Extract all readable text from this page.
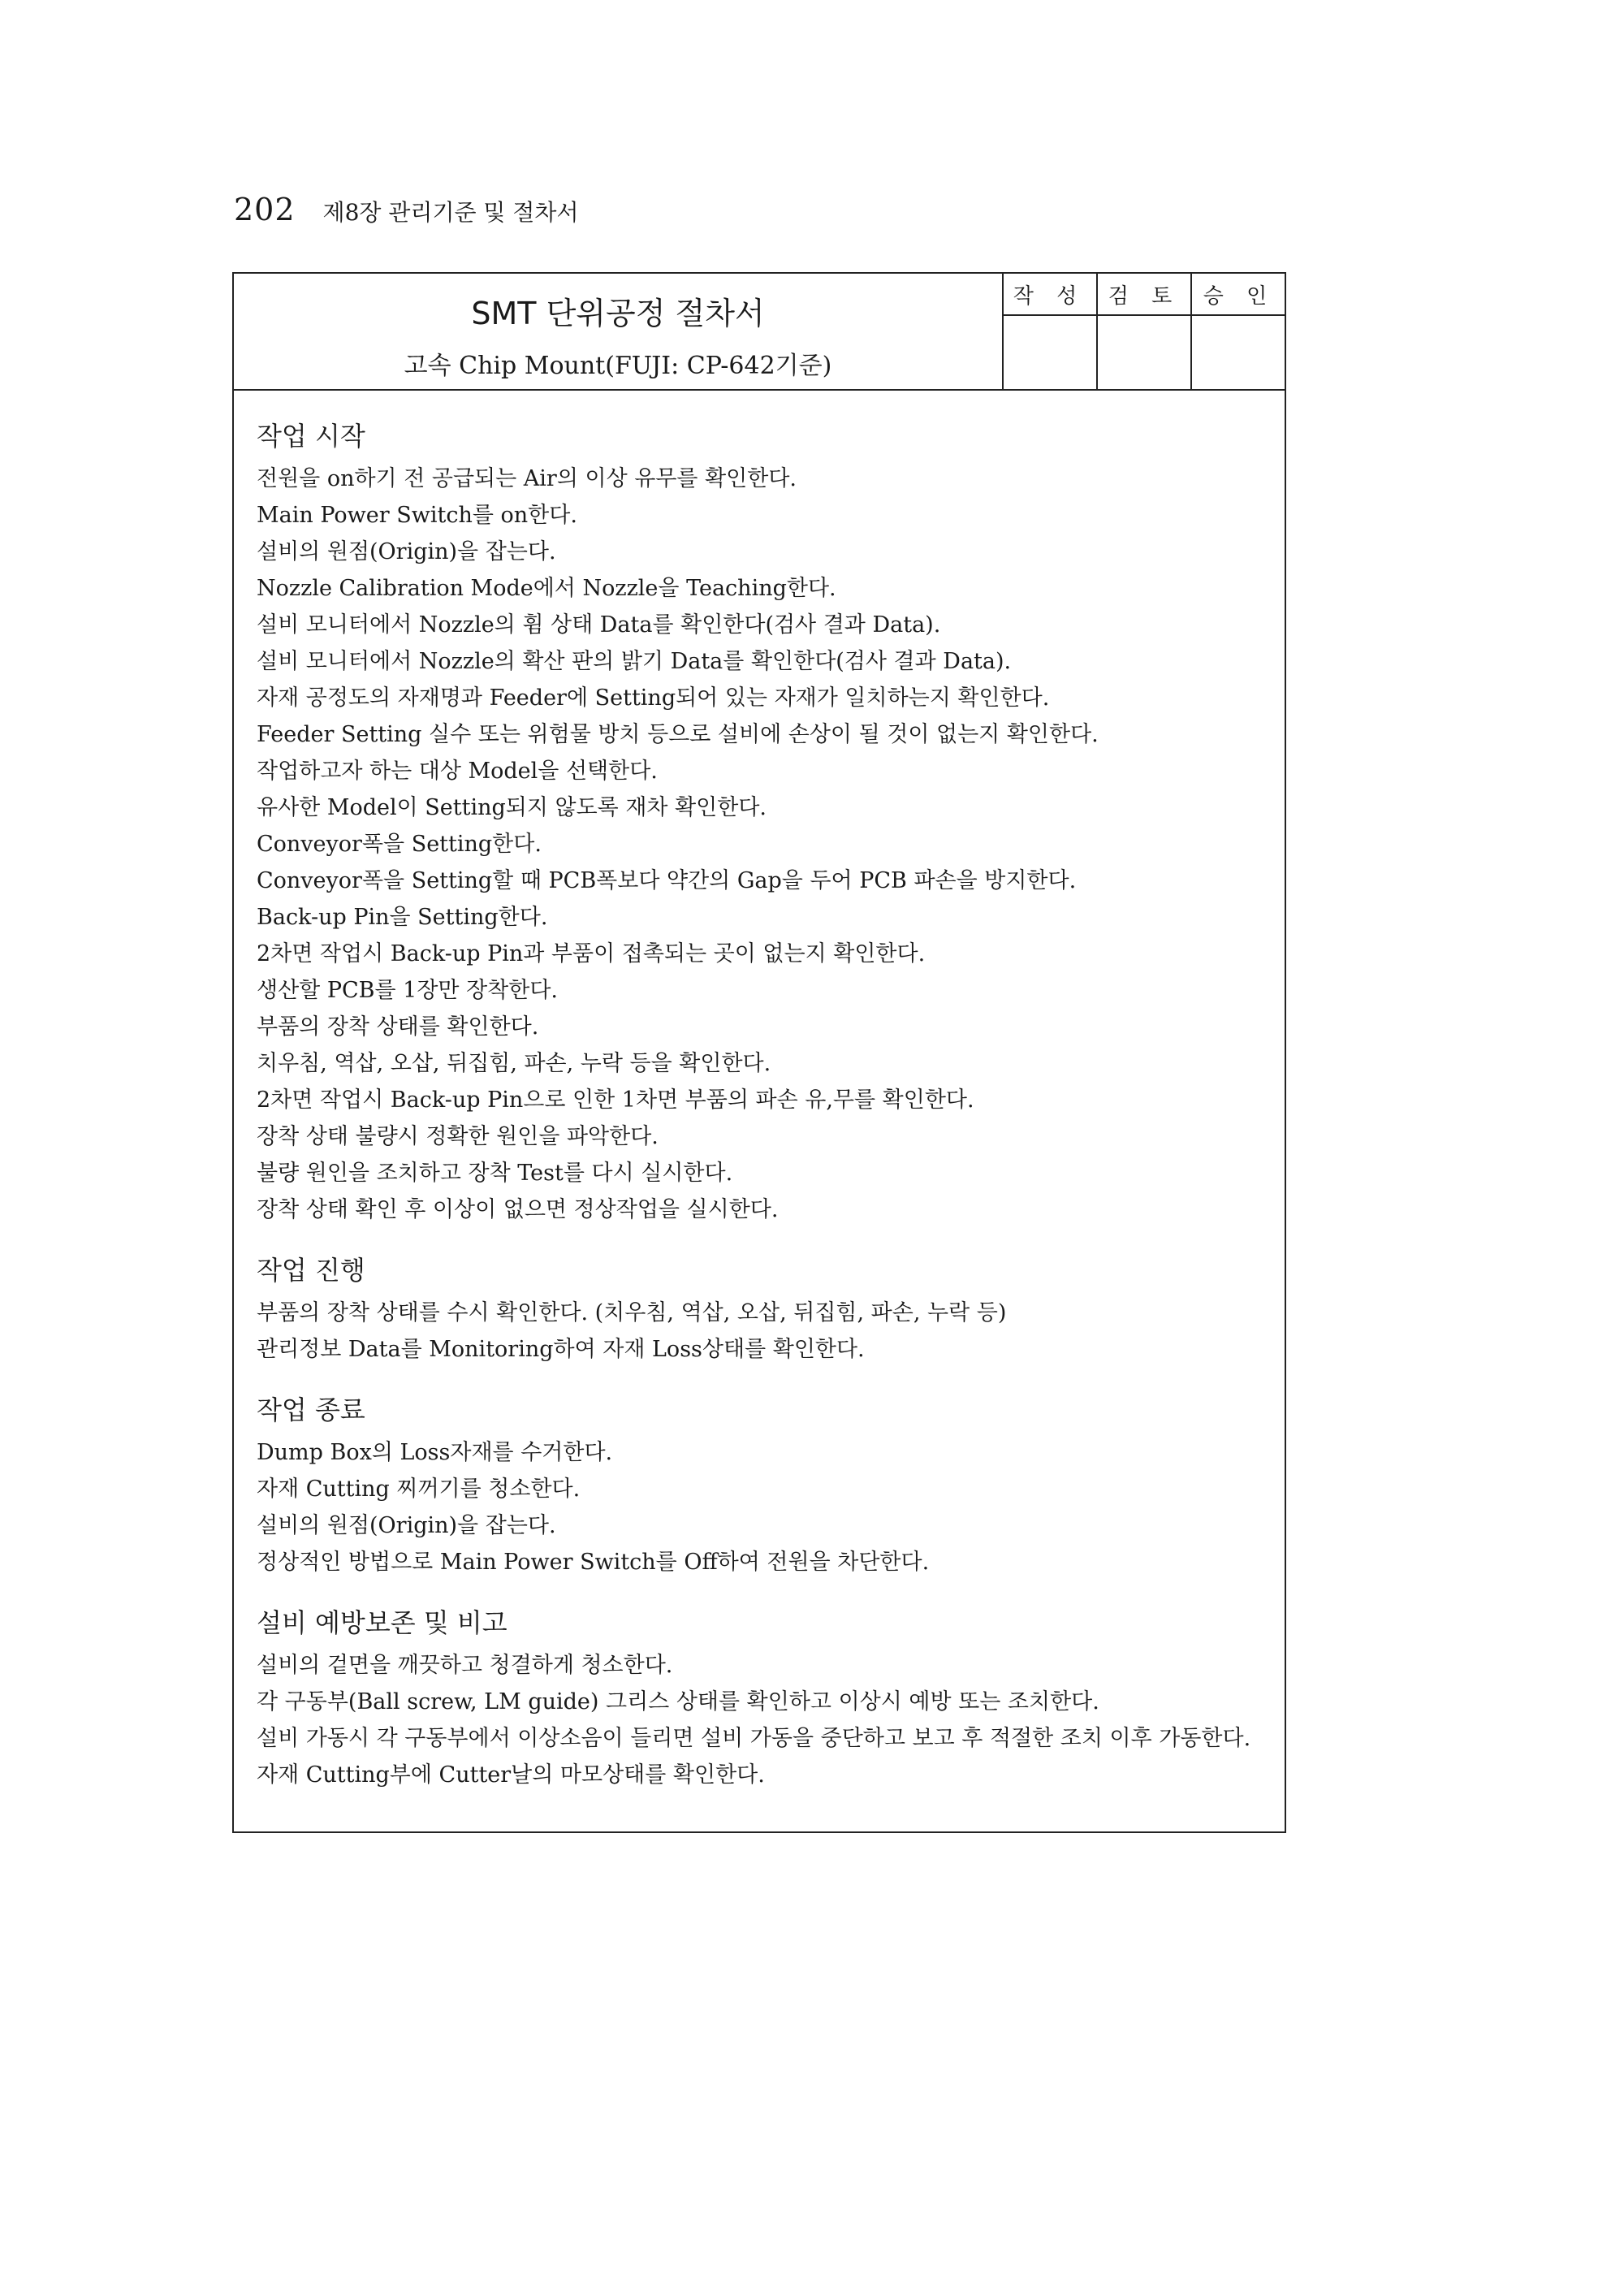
202 제8장 관리기준 및 절차서
SMT 단위공정 절차서
고속 Chip Mount(FUJI: CP-642기준)
작 성	검 토	승 인
작업 시작
전원을 on하기 전 공급되는 Air의 이상 유무를 확인한다.
Main Power Switch를 on한다.
설비의 원점(Origin)을 잡는다.
Nozzle Calibration Mode에서 Nozzle을 Teaching한다.
설비 모니터에서 Nozzle의 휨 상태 Data를 확인한다(검사 결과 Data).
설비 모니터에서 Nozzle의 확산 판의 밝기 Data를 확인한다(검사 결과 Data).
자재 공정도의 자재명과 Feeder에 Setting되어 있는 자재가 일치하는지 확인한다.
Feeder Setting 실수 또는 위험물 방치 등으로 설비에 손상이 될 것이 없는지 확인한다.
작업하고자 하는 대상 Model을 선택한다.
유사한 Model이 Setting되지 않도록 재차 확인한다.
Conveyor폭을 Setting한다.
Conveyor폭을 Setting할 때 PCB폭보다 약간의 Gap을 두어 PCB 파손을 방지한다.
Back-up Pin을 Setting한다.
2차면 작업시 Back-up Pin과 부품이 접촉되는 곳이 없는지 확인한다.
생산할 PCB를 1장만 장착한다.
부품의 장착 상태를 확인한다.
치우침, 역삽, 오삽, 뒤집힘, 파손, 누락 등을 확인한다.
2차면 작업시 Back-up Pin으로 인한 1차면 부품의 파손 유,무를 확인한다.
장착 상태 불량시 정확한 원인을 파악한다.
불량 원인을 조치하고 장착 Test를 다시 실시한다.
장착 상태 확인 후 이상이 없으면 정상작업을 실시한다.
작업 진행
부품의 장착 상태를 수시 확인한다. (치우침, 역삽, 오삽, 뒤집힘, 파손, 누락 등)
관리정보 Data를 Monitoring하여 자재 Loss상태를 확인한다.
작업 종료
Dump Box의 Loss자재를 수거한다.
자재 Cutting 찌꺼기를 청소한다.
설비의 원점(Origin)을 잡는다.
정상적인 방법으로 Main Power Switch를 Off하여 전원을 차단한다.
설비 예방보존 및 비고
설비의 겉면을 깨끗하고 청결하게 청소한다.
각 구동부(Ball screw, LM guide) 그리스 상태를 확인하고 이상시 예방 또는 조치한다.
설비 가동시 각 구동부에서 이상소음이 들리면 설비 가동을 중단하고 보고 후 적절한 조치 이후 가동한다.
자재 Cutting부에 Cutter날의 마모상태를 확인한다.
